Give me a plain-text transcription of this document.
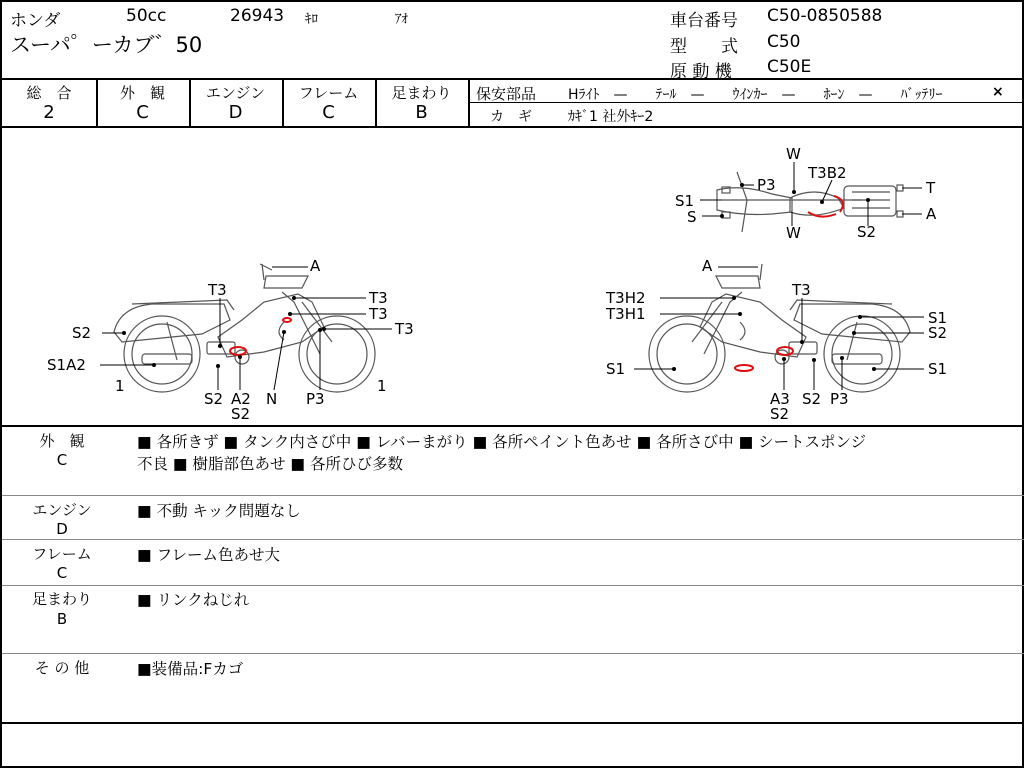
ホンダ	50cc	26943 ｷﾛ	ｱｵ
スーパ゜ーカブ゛50
車台番号 C50-0850588
型　　式 C50
原 動 機 C50E
総　合
2
外　観
C
エンジン
D
フレーム
C
足まわり
B
保安部品 Hﾗｲﾄ　—　　ﾃｰﾙ　—　　ｳｲﾝｶｰ　—　　ﾎｰﾝ　—　　ﾊﾞｯﾃﾘｰ	×
カ　ギ	ｶｷﾞ1 社外ｷｰ2
W
P3
T3B2
T
S1
S	A
W	S2
A
T3	T3
S2
T3
T3
S1A2
1
S2 A2 N P3
1
S2
A
T3H2	T3
T3H1	S1
S2
S1	S1
A3 S2 P3
S2
外　観
C
■ 各所きず ■ タンク内さび中 ■ レバーまがり ■ 各所ペイント色あせ ■ 各所さび中 ■ シートスポンジ
不良 ■ 樹脂部色あせ ■ 各所ひび多数
エンジン
D
■ 不動 キック問題なし
フレーム
C
■ フレーム色あせ大
足まわり
B
■ リンクねじれ
そ の 他	■装備品:Fカゴ
